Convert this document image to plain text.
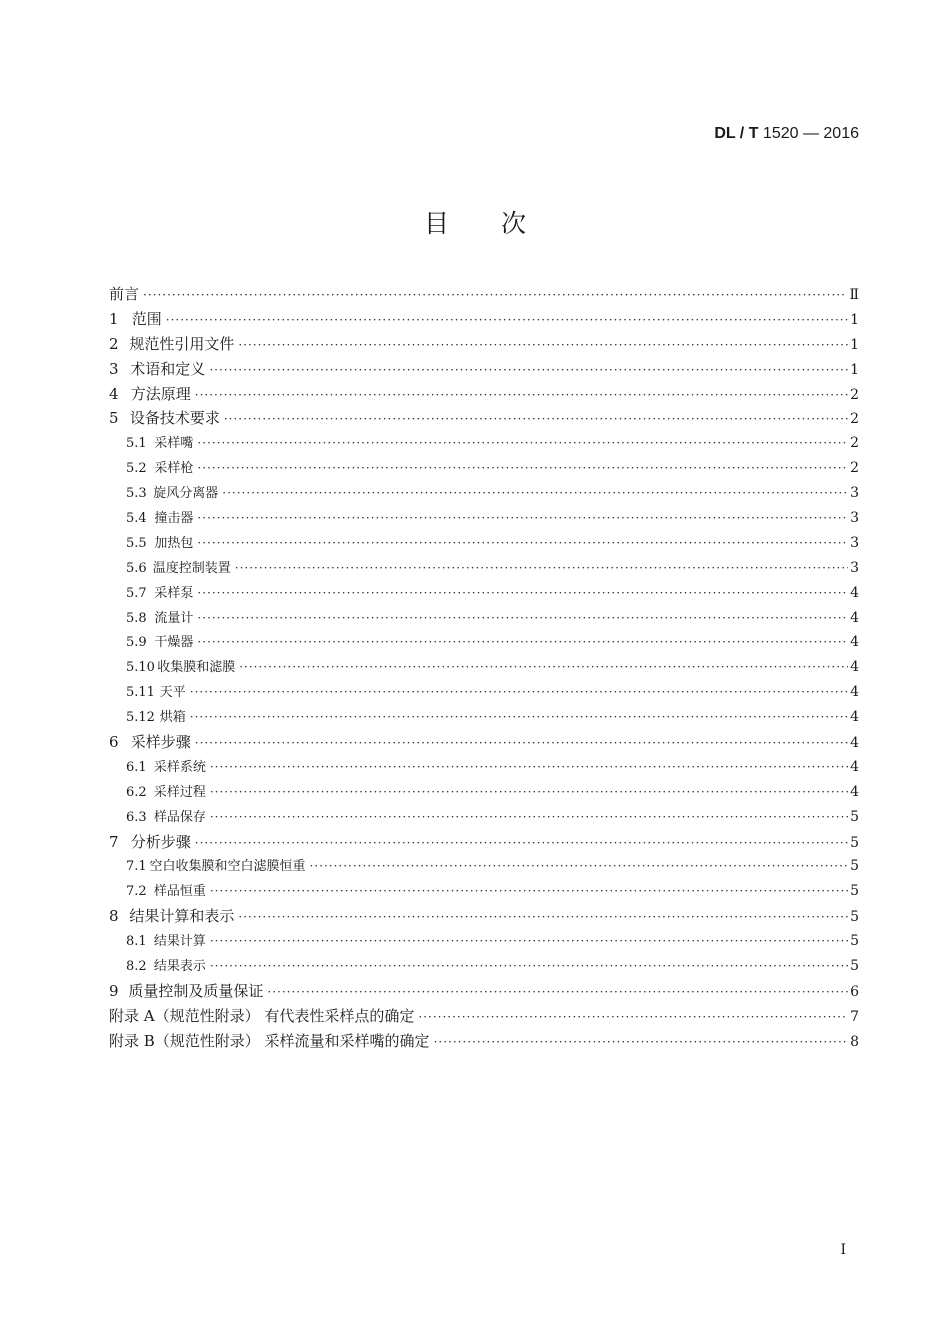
DL / T 1520 — 2016
目次
前言 ·····	Ⅱ
1 范围 ·····	1
2 规范性引用文件 ·····	1
3 术语和定义 ·····	1
4 方法原理 ·····	2
5 设备技术要求 ·····	2
5.1 采样嘴 ·····	2
5.2 采样枪 ·····	2
5.3 旋风分离器 ·····	3
5.4 撞击器 ·····	3
5.5 加热包 ·····	3
5.6 温度控制装置 ·····	3
5.7 采样泵 ·····	4
5.8 流量计 ·····	4
5.9 干燥器 ·····	4
5.10 收集膜和滤膜 ·····	4
5.11 天平 ·····	4
5.12 烘箱 ·····	4
6 采样步骤 ·····	4
6.1 采样系统 ·····	4
6.2 采样过程 ·····	4
6.3 样品保存 ·····	5
7 分析步骤 ·····	5
7.1 空白收集膜和空白滤膜恒重 ·····	5
7.2 样品恒重 ·····	5
8 结果计算和表示 ·····	5
8.1 结果计算 ·····	5
8.2 结果表示 ·····	5
9 质量控制及质量保证 ·····	6
附录 A（规范性附录） 有代表性采样点的确定 ·····	7
附录 B（规范性附录） 采样流量和采样嘴的确定 ·····	8
I
